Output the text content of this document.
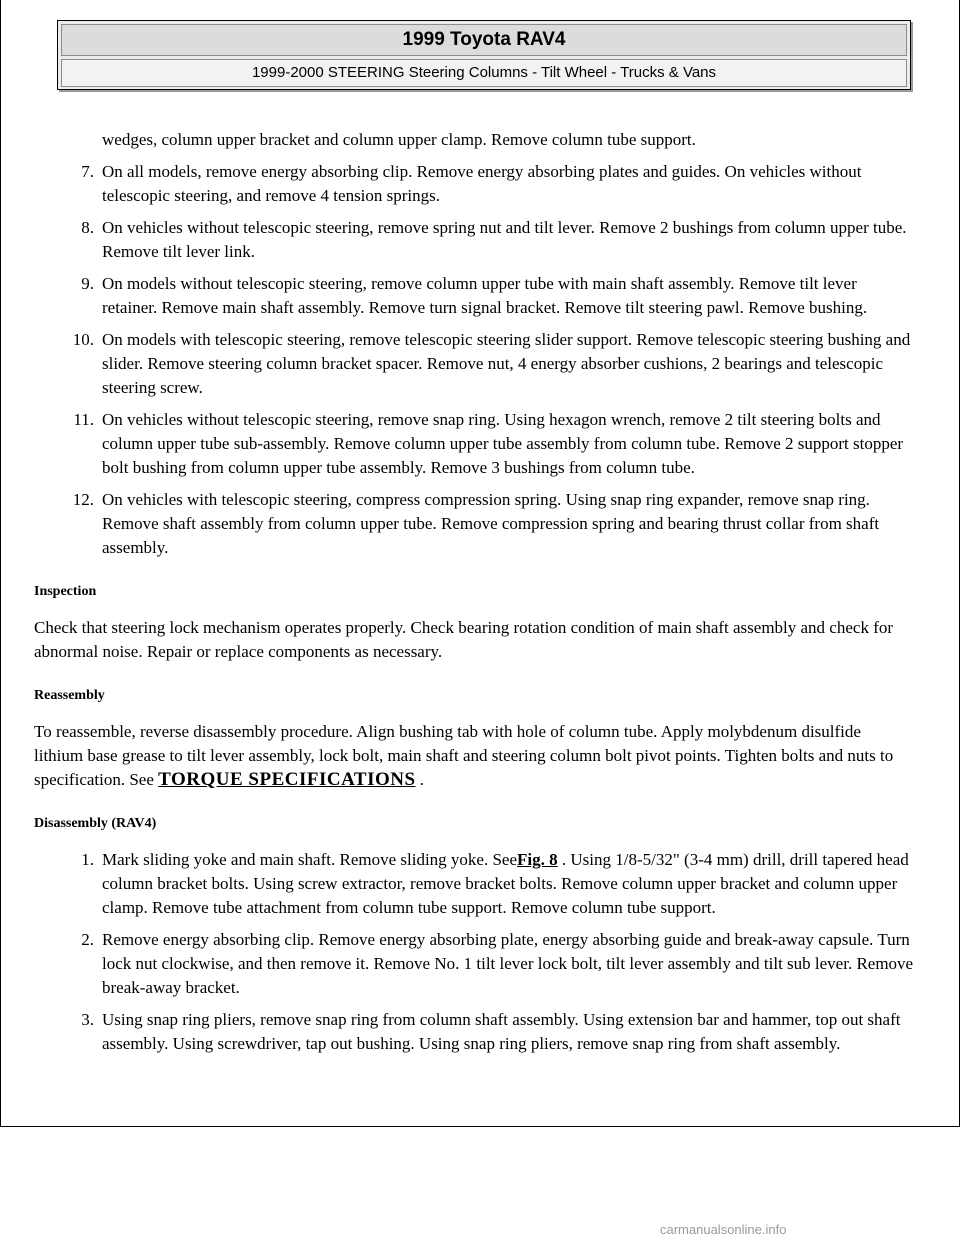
1999 Toyota RAV4
1999-2000 STEERING Steering Columns - Tilt Wheel - Trucks & Vans

wedges, column upper bracket and column upper clamp. Remove column tube support.

7. On all models, remove energy absorbing clip. Remove energy absorbing plates and guides. On vehicles without telescopic steering, and remove 4 tension springs.
8. On vehicles without telescopic steering, remove spring nut and tilt lever. Remove 2 bushings from column upper tube. Remove tilt lever link.
9. On models without telescopic steering, remove column upper tube with main shaft assembly. Remove tilt lever retainer. Remove main shaft assembly. Remove turn signal bracket. Remove tilt steering pawl. Remove bushing.
10. On models with telescopic steering, remove telescopic steering slider support. Remove telescopic steering bushing and slider. Remove steering column bracket spacer. Remove nut, 4 energy absorber cushions, 2 bearings and telescopic steering screw.
11. On vehicles without telescopic steering, remove snap ring. Using hexagon wrench, remove 2 tilt steering bolts and column upper tube sub-assembly. Remove column upper tube assembly from column tube. Remove 2 support stopper bolt bushing from column upper tube assembly. Remove 3 bushings from column tube.
12. On vehicles with telescopic steering, compress compression spring. Using snap ring expander, remove snap ring. Remove shaft assembly from column upper tube. Remove compression spring and bearing thrust collar from shaft assembly.
Inspection

Check that steering lock mechanism operates properly. Check bearing rotation condition of main shaft assembly and check for abnormal noise. Repair or replace components as necessary.

Reassembly

To reassemble, reverse disassembly procedure. Align bushing tab with hole of column tube. Apply molybdenum disulfide lithium base grease to tilt lever assembly, lock bolt, main shaft and steering column bolt pivot points. Tighten bolts and nuts to specification. See TORQUE SPECIFICATIONS .

Disassembly (RAV4)
1. Mark sliding yoke and main shaft. Remove sliding yoke. SeeFig. 8 . Using 1/8-5/32" (3-4 mm) drill, drill tapered head column bracket bolts. Using screw extractor, remove bracket bolts. Remove column upper bracket and column upper clamp. Remove tube attachment from column tube support. Remove column tube support.
2. Remove energy absorbing clip. Remove energy absorbing plate, energy absorbing guide and break-away capsule. Turn lock nut clockwise, and then remove it. Remove No. 1 tilt lever lock bolt, tilt lever assembly and tilt sub lever. Remove break-away bracket.
3. Using snap ring pliers, remove snap ring from column shaft assembly. Using extension bar and hammer, top out shaft assembly. Using screwdriver, tap out bushing. Using snap ring pliers, remove snap ring from shaft assembly.
carmanualsonline.info
